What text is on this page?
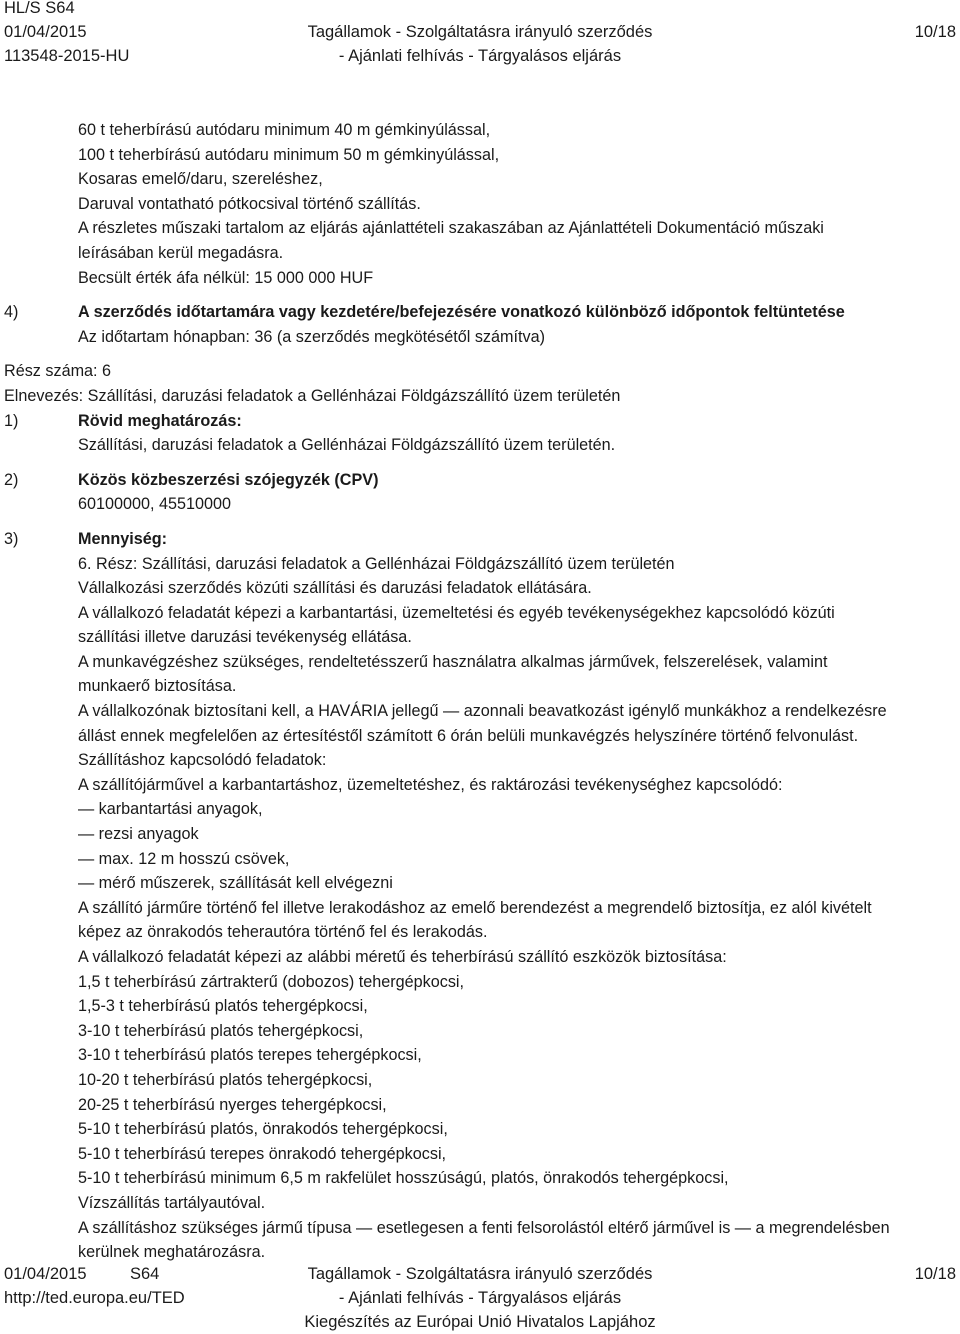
HL/S S64
01/04/2015
113548-2015-HU
Tagállamok - Szolgáltatásra irányuló szerződés
- Ajánlati felhívás - Tárgyalásos eljárás
10/18
60 t teherbírású autódaru minimum 40 m gémkinyúlással,
100 t teherbírású autódaru minimum 50 m gémkinyúlással,
Kosaras emelő/daru, szereléshez,
Daruval vontatható pótkocsival történő szállítás.
A részletes műszaki tartalom az eljárás ajánlattételi szakaszában az Ajánlattételi Dokumentáció műszaki
leírásában kerül megadásra.
Becsült érték áfa nélkül: 15 000 000 HUF
4)	A szerződés időtartamára vagy kezdetére/befejezésére vonatkozó különböző időpontok feltüntetése
Az időtartam hónapban: 36 (a szerződés megkötésétől számítva)
Rész száma: 6
Elnevezés: Szállítási, daruzási feladatok a Gellénházai Földgázszállító üzem területén
1)	Rövid meghatározás:
Szállítási, daruzási feladatok a Gellénházai Földgázszállító üzem területén.
2)	Közös közbeszerzési szójegyzék (CPV)
60100000, 45510000
3)	Mennyiség:
6. Rész: Szállítási, daruzási feladatok a Gellénházai Földgázszállító üzem területén
Vállalkozási szerződés közúti szállítási és daruzási feladatok ellátására.
A vállalkozó feladatát képezi a karbantartási, üzemeltetési és egyéb tevékenységekhez kapcsolódó közúti
szállítási illetve daruzási tevékenység ellátása.
A munkavégzéshez szükséges, rendeltetésszerű használatra alkalmas járművek, felszerelések, valamint
munkaerő biztosítása.
A vállalkozónak biztosítani kell, a HAVÁRIA jellegű — azonnali beavatkozást igénylő munkákhoz a rendelkezésre
állást ennek megfelelően az értesítéstől számított 6 órán belüli munkavégzés helyszínére történő felvonulást.
Szállításhoz kapcsolódó feladatok:
A szállítójárművel a karbantartáshoz, üzemeltetéshez, és raktározási tevékenységhez kapcsolódó:
— karbantartási anyagok,
— rezsi anyagok
— max. 12 m hosszú csövek,
— mérő műszerek, szállítását kell elvégezni
A szállító járműre történő fel illetve lerakodáshoz az emelő berendezést a megrendelő biztosítja, ez alól kivételt
képez az önrakodós teherautóra történő fel és lerakodás.
A vállalkozó feladatát képezi az alábbi méretű és teherbírású szállító eszközök biztosítása:
1,5 t teherbírású zártrakterű (dobozos) tehergépkocsi,
1,5-3 t teherbírású platós tehergépkocsi,
3-10 t teherbírású platós tehergépkocsi,
3-10 t teherbírású platós terepes tehergépkocsi,
10-20 t teherbírású platós tehergépkocsi,
20-25 t teherbírású nyerges tehergépkocsi,
5-10 t teherbírású platós, önrakodós tehergépkocsi,
5-10 t teherbírású terepes önrakodó tehergépkocsi,
5-10 t teherbírású minimum 6,5 m rakfelület hosszúságú, platós, önrakodós tehergépkocsi,
Vízszállítás tartályautóval.
A szállításhoz szükséges jármű típusa — esetlegesen a fenti felsorolástól eltérő járművel is — a megrendelésben
kerülnek meghatározásra.
01/04/2015	S64	Tagállamok - Szolgáltatásra irányuló szerződés	10/18
http://ted.europa.eu/TED	- Ajánlati felhívás - Tárgyalásos eljárás
Kiegészítés az Európai Unió Hivatalos Lapjához
